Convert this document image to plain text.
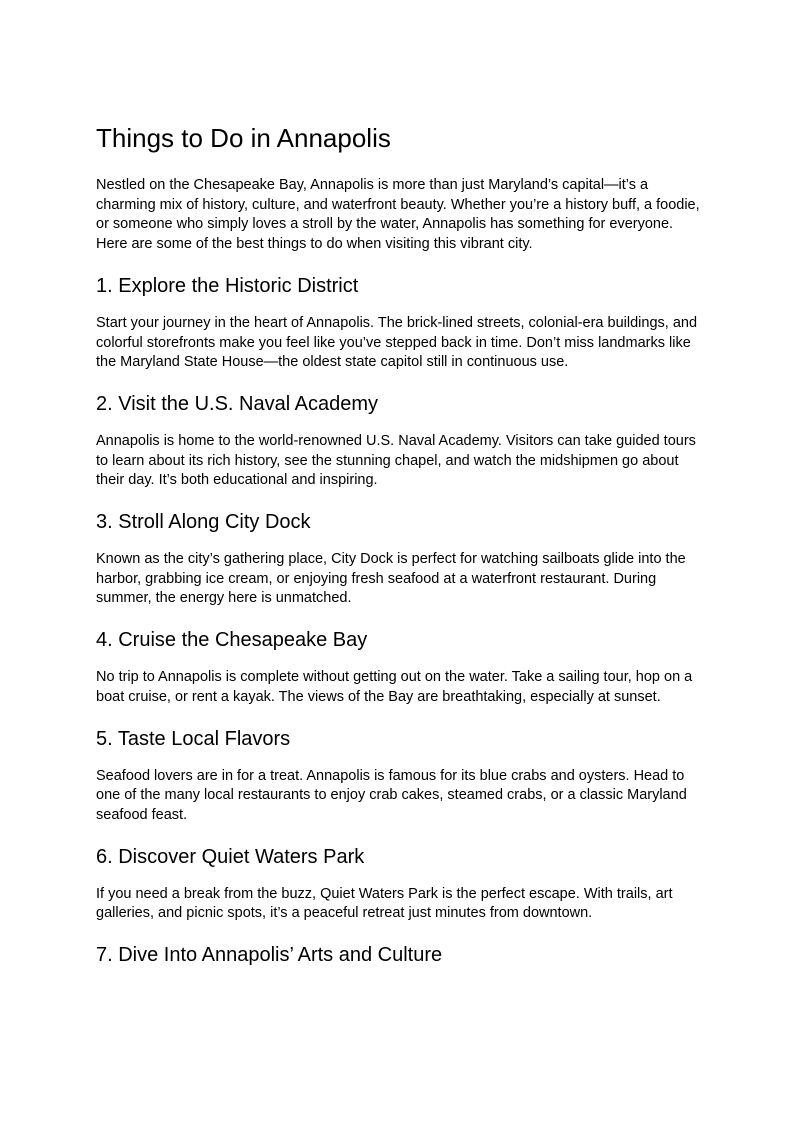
Things to Do in Annapolis

Nestled on the Chesapeake Bay, Annapolis is more than just Maryland’s capital—it’s a charming mix of history, culture, and waterfront beauty. Whether you’re a history buff, a foodie, or someone who simply loves a stroll by the water, Annapolis has something for everyone. Here are some of the best things to do when visiting this vibrant city.

1. Explore the Historic District

Start your journey in the heart of Annapolis. The brick-lined streets, colonial-era buildings, and colorful storefronts make you feel like you’ve stepped back in time. Don’t miss landmarks like the Maryland State House—the oldest state capitol still in continuous use.

2. Visit the U.S. Naval Academy

Annapolis is home to the world-renowned U.S. Naval Academy. Visitors can take guided tours to learn about its rich history, see the stunning chapel, and watch the midshipmen go about their day. It’s both educational and inspiring.

3. Stroll Along City Dock

Known as the city’s gathering place, City Dock is perfect for watching sailboats glide into the harbor, grabbing ice cream, or enjoying fresh seafood at a waterfront restaurant. During summer, the energy here is unmatched.

4. Cruise the Chesapeake Bay

No trip to Annapolis is complete without getting out on the water. Take a sailing tour, hop on a boat cruise, or rent a kayak. The views of the Bay are breathtaking, especially at sunset.

5. Taste Local Flavors

Seafood lovers are in for a treat. Annapolis is famous for its blue crabs and oysters. Head to one of the many local restaurants to enjoy crab cakes, steamed crabs, or a classic Maryland seafood feast.

6. Discover Quiet Waters Park

If you need a break from the buzz, Quiet Waters Park is the perfect escape. With trails, art galleries, and picnic spots, it’s a peaceful retreat just minutes from downtown.

7. Dive Into Annapolis’ Arts and Culture
